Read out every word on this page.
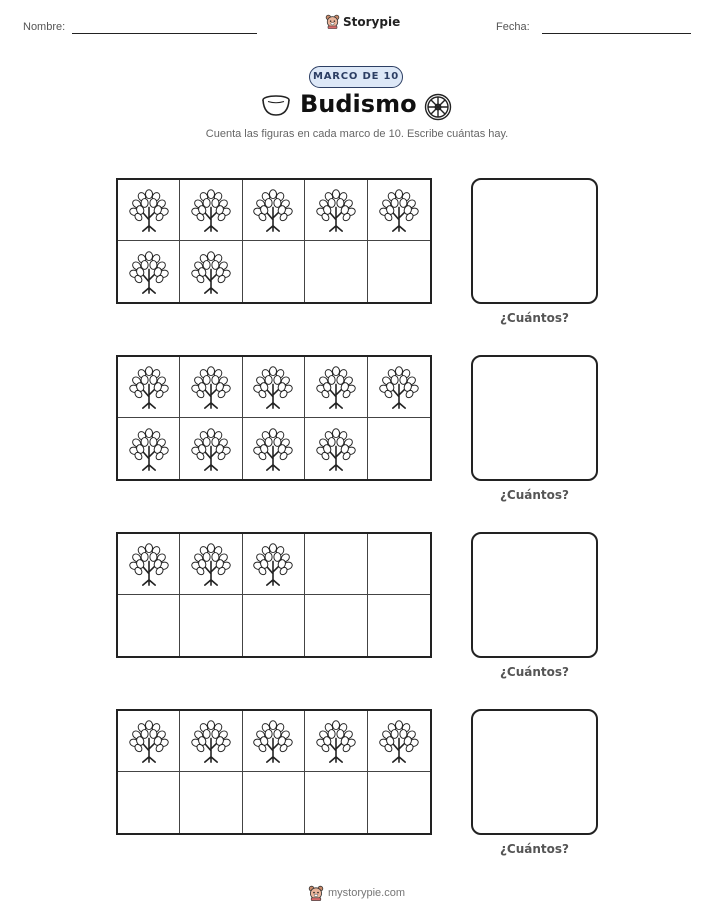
Nombre:	Storypie	Fecha:
MARCO DE 10
Budismo
Cuenta las figuras en cada marco de 10. Escribe cuántas hay.
¿Cuántos?
¿Cuántos?
¿Cuántos?
¿Cuántos?
mystorypie.com
